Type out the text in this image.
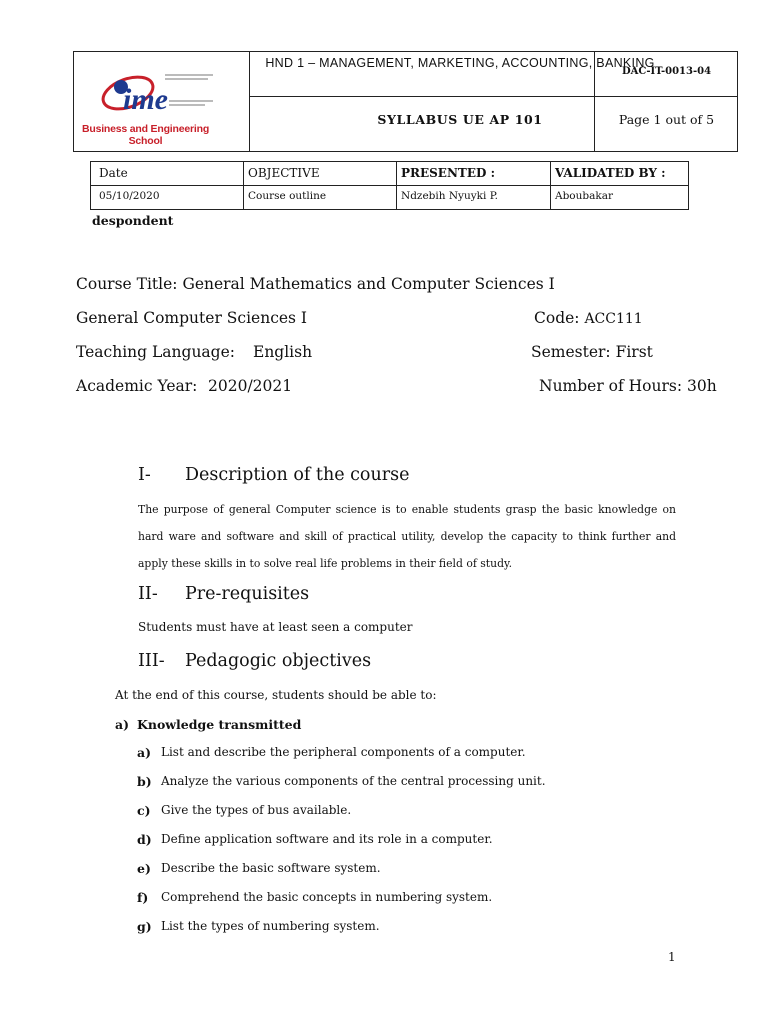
HND 1 – MANAGEMENT, MARKETING, ACCOUNTING, BANKING
SYLLABUS UE AP 101
DAC-IT-0013-04
Page 1 out of 5
ime
Business and Engineering School
Date	OBJECTIVE	PRESENTED :	VALIDATED BY :
05/10/2020	Course outline	Ndzebih Nyuyki P.	Aboubakar
despondent
Course Title: General Mathematics and Computer Sciences I
General Computer Sciences I	Code: ACC111
Teaching Language: English	Semester: First
Academic Year: 2020/2021	Number of Hours: 30h
I- Description of the course
The purpose of general Computer science is to enable students grasp the basic knowledge on hard ware and software and skill of practical utility, develop the capacity to think further and apply these skills in to solve real life problems in their field of study.
II- Pre-requisites
Students must have at least seen a computer
III- Pedagogic objectives
At the end of this course, students should be able to:
a) Knowledge transmitted
a) List and describe the peripheral components of a computer.
b) Analyze the various components of the central processing unit.
c) Give the types of bus available.
d) Define application software and its role in a computer.
e) Describe the basic software system.
f) Comprehend the basic concepts in numbering system.
g) List the types of numbering system.
1
